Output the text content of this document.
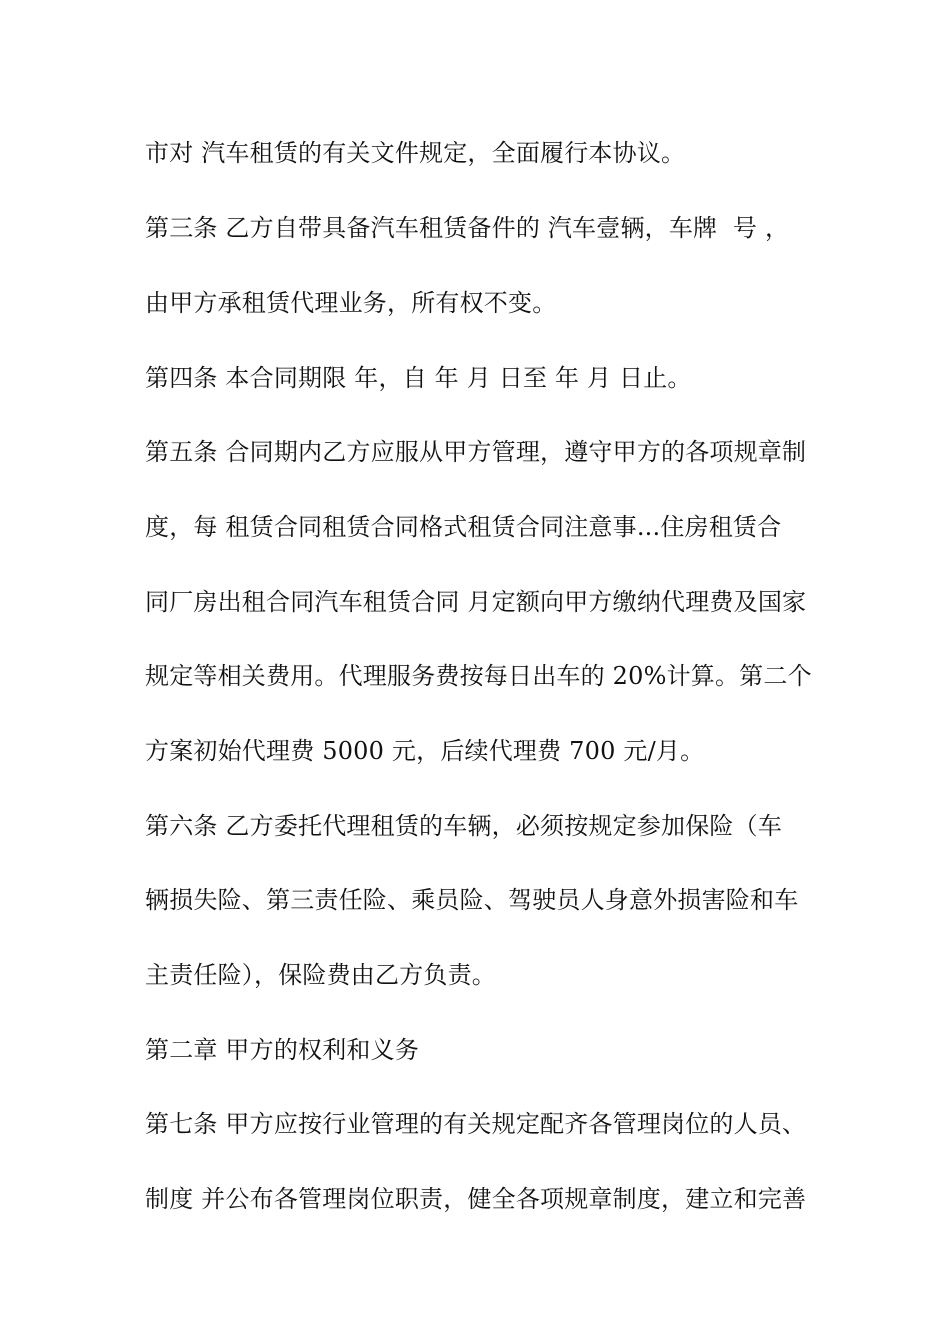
市对 汽车租赁的有关文件规定，全面履行本协议。
第三条 乙方自带具备汽车租赁备件的 汽车壹辆，车牌  号 ，
由甲方承租赁代理业务，所有权不变。
第四条 本合同期限 年，自 年 月 日至 年 月 日止。
第五条 合同期内乙方应服从甲方管理，遵守甲方的各项规章制
度，每 租赁合同租赁合同格式租赁合同注意事...住房租赁合
同厂房出租合同汽车租赁合同 月定额向甲方缴纳代理费及国家
规定等相关费用。代理服务费按每日出车的 20%计算。第二个
方案初始代理费 5000 元，后续代理费 700 元/月。
第六条 乙方委托代理租赁的车辆，必须按规定参加保险（车
辆损失险、第三责任险、乘员险、驾驶员人身意外损害险和车
主责任险），保险费由乙方负责。
第二章 甲方的权利和义务
第七条 甲方应按行业管理的有关规定配齐各管理岗位的人员、
制度 并公布各管理岗位职责，健全各项规章制度，建立和完善
